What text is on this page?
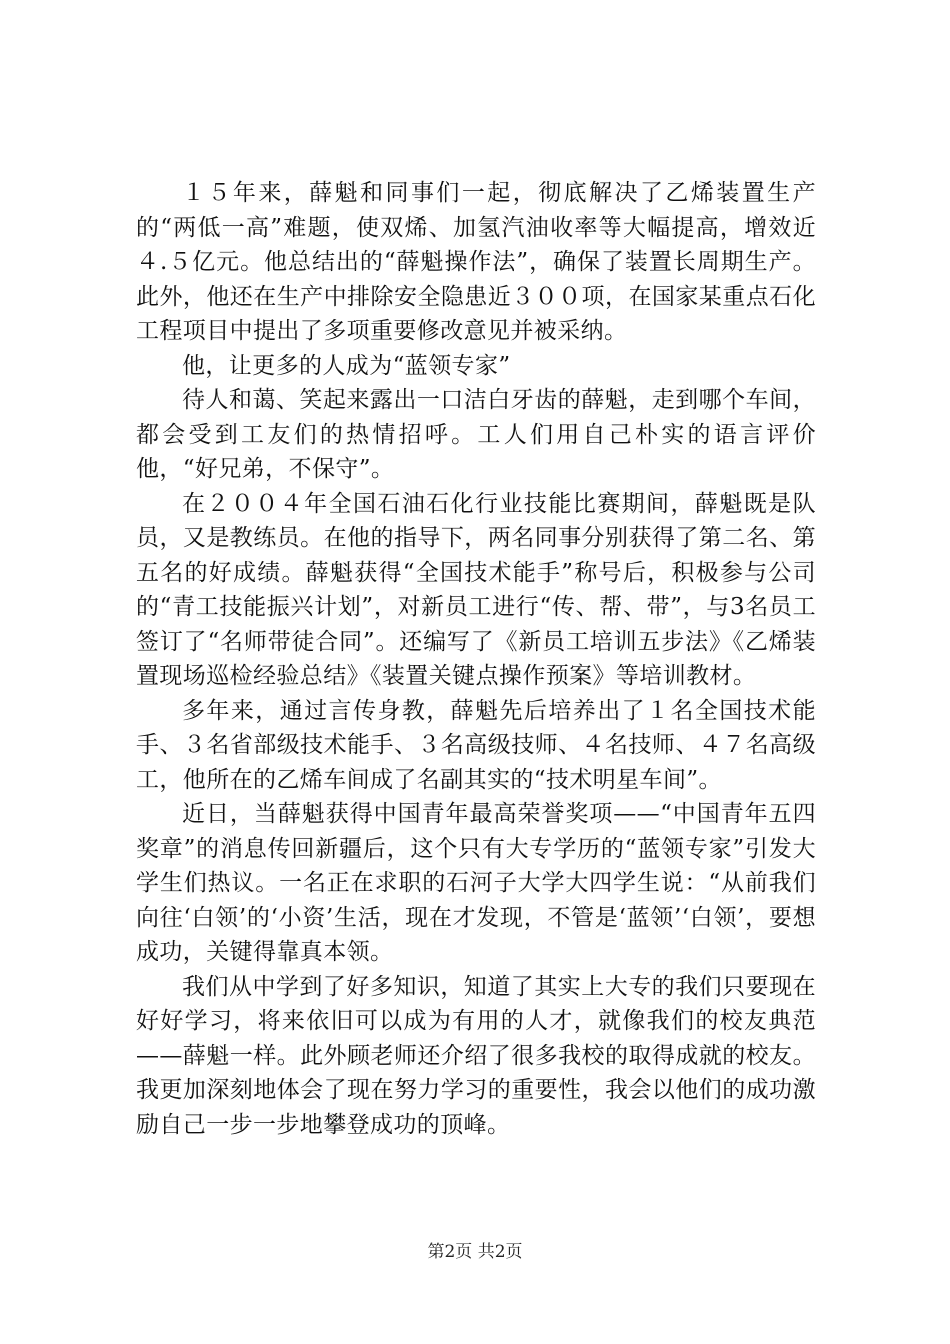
１５年来，薛魁和同事们一起，彻底解决了乙烯装置生产的“两低一高”难题，使双烯、加氢汽油收率等大幅提高，增效近４.５亿元。他总结出的“薛魁操作法”，确保了装置长周期生产。此外，他还在生产中排除安全隐患近３００项，在国家某重点石化工程项目中提出了多项重要修改意见并被采纳。

他，让更多的人成为“蓝领专家”

待人和蔼、笑起来露出一口洁白牙齿的薛魁，走到哪个车间，都会受到工友们的热情招呼。工人们用自己朴实的语言评价他，“好兄弟，不保守”。

在２００４年全国石油石化行业技能比赛期间，薛魁既是队员，又是教练员。在他的指导下，两名同事分别获得了第二名、第五名的好成绩。薛魁获得“全国技术能手”称号后，积极参与公司的“青工技能振兴计划”，对新员工进行“传、帮、带”，与3名员工签订了“名师带徒合同”。还编写了《新员工培训五步法》《乙烯装置现场巡检经验总结》《装置关键点操作预案》等培训教材。

多年来，通过言传身教，薛魁先后培养出了１名全国技术能手、３名省部级技术能手、３名高级技师、４名技师、４７名高级工，他所在的乙烯车间成了名副其实的“技术明星车间”。

近日，当薛魁获得中国青年最高荣誉奖项——“中国青年五四奖章”的消息传回新疆后，这个只有大专学历的“蓝领专家”引发大学生们热议。一名正在求职的石河子大学大四学生说：“从前我们向往‘白领’的‘小资’生活，现在才发现，不管是‘蓝领’‘白领’，要想成功，关键得靠真本领。

我们从中学到了好多知识，知道了其实上大专的我们只要现在好好学习，将来依旧可以成为有用的人才，就像我们的校友典范——薛魁一样。此外顾老师还介绍了很多我校的取得成就的校友。我更加深刻地体会了现在努力学习的重要性，我会以他们的成功激励自己一步一步地攀登成功的顶峰。

第2页 共2页
